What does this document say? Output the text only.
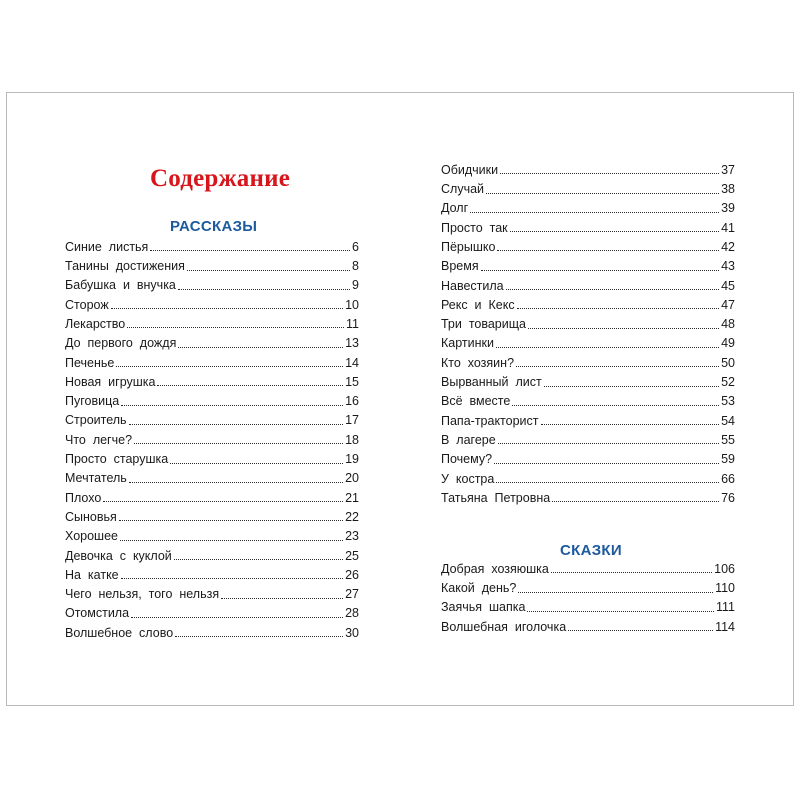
Содержание
РАССКАЗЫ
Синие  листья	6
Танины  достижения	8
Бабушка  и  внучка	9
Сторож	10
Лекарство	11
До  первого  дождя	13
Печенье	14
Новая  игрушка	15
Пуговица	16
Строитель	17
Что  легче?	18
Просто  старушка	19
Мечтатель	20
Плохо	21
Сыновья	22
Хорошее	23
Девочка  с  куклой	25
На  катке	26
Чего  нельзя,  того  нельзя	27
Отомстила	28
Волшебное  слово	30
Обидчики	37
Случай	38
Долг	39
Просто  так	41
Пёрышко	42
Время	43
Навестила	45
Рекс  и  Кекс	47
Три  товарища	48
Картинки	49
Кто  хозяин?	50
Вырванный  лист	52
Всё  вместе	53
Папа-тракторист	54
В  лагере	55
Почему?	59
У  костра	66
Татьяна  Петровна	76
СКАЗКИ
Добрая  хозяюшка	106
Какой  день?	110
Заячья  шапка	111
Волшебная  иголочка	114
